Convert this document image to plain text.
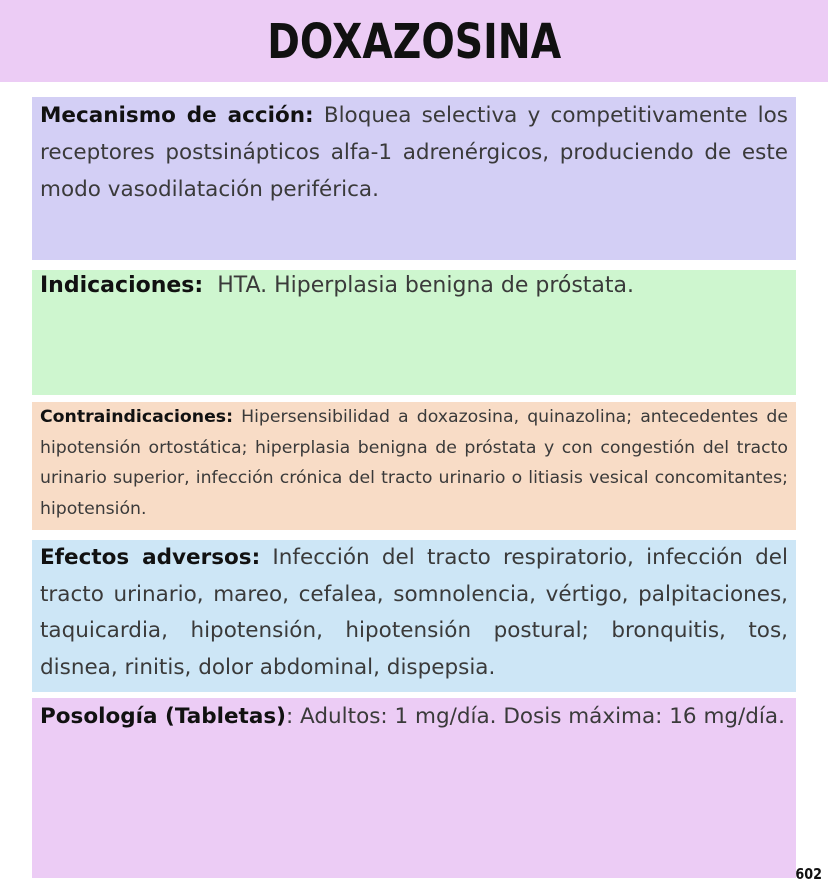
DOXAZOSINA

Mecanismo de acción: Bloquea selectiva y competitivamente los receptores postsinápticos alfa-1 adrenérgicos, produciendo de este modo vasodilatación periférica.

Indicaciones:  HTA. Hiperplasia benigna de próstata.

Contraindicaciones: Hipersensibilidad a doxazosina, quinazolina; antecedentes de hipotensión ortostática; hiperplasia benigna de próstata y con congestión del tracto urinario superior, infección crónica del tracto urinario o litiasis vesical concomitantes; hipotensión.

Efectos adversos: Infección del tracto respiratorio, infección del tracto urinario, mareo, cefalea, somnolencia, vértigo, palpitaciones, taquicardia, hipotensión, hipotensión postural; bronquitis, tos, disnea, rinitis, dolor abdominal, dispepsia.

Posología (Tabletas): Adultos: 1 mg/día. Dosis máxima: 16 mg/día.

602
